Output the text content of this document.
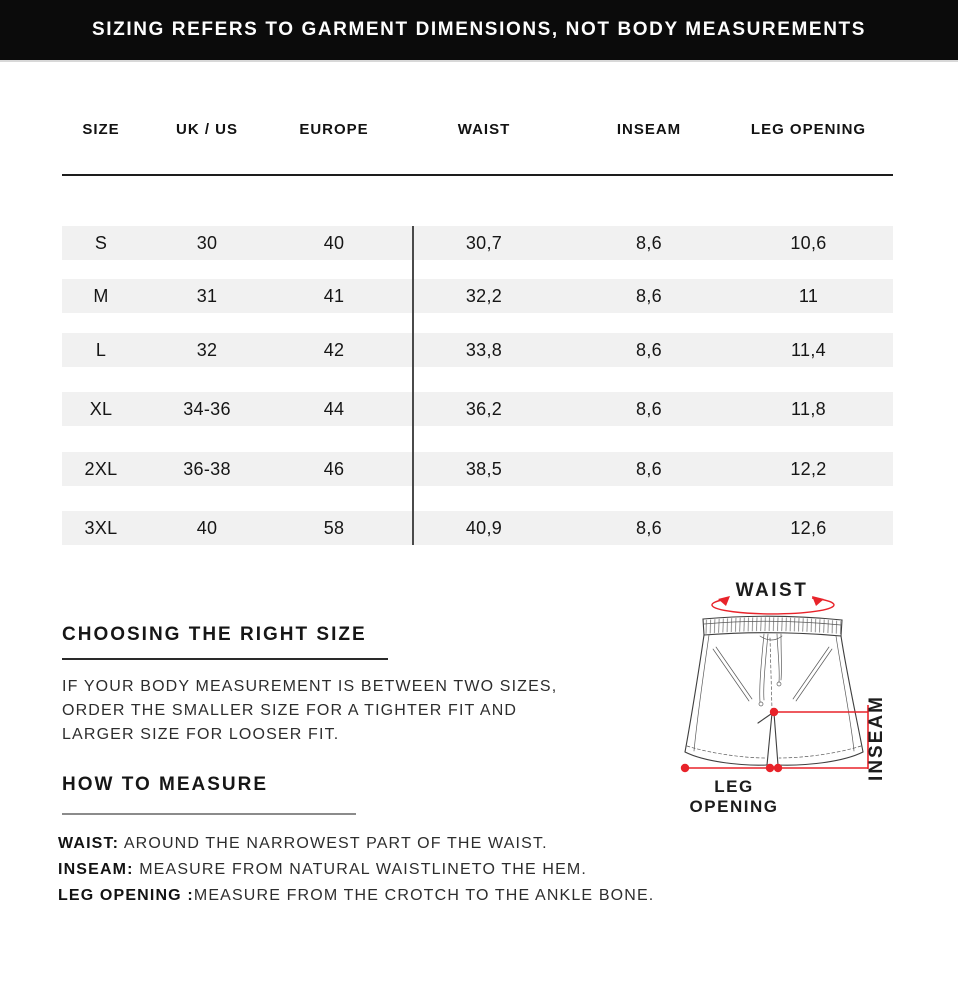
SIZING REFERS TO GARMENT DIMENSIONS, NOT BODY MEASUREMENTS
SIZE	UK / US	EUROPE	WAIST	INSEAM	LEG OPENING
S	30	40	30,7	8,6	10,6
M	31	41	32,2	8,6	11
L	32	42	33,8	8,6	11,4
XL	34-36	44	36,2	8,6	11,8
2XL	36-38	46	38,5	8,6	12,2
3XL	40	58	40,9	8,6	12,6
CHOOSING THE RIGHT SIZE
IF YOUR BODY MEASUREMENT IS BETWEEN TWO SIZES,
ORDER THE SMALLER SIZE FOR A TIGHTER FIT AND
LARGER SIZE FOR LOOSER FIT.
HOW TO MEASURE
WAIST: AROUND THE NARROWEST PART OF THE WAIST.
INSEAM: MEASURE FROM NATURAL WAISTLINETO THE HEM.
LEG OPENING :MEASURE FROM THE CROTCH TO THE ANKLE BONE.
WAIST
INSEAM
LEG
OPENING
